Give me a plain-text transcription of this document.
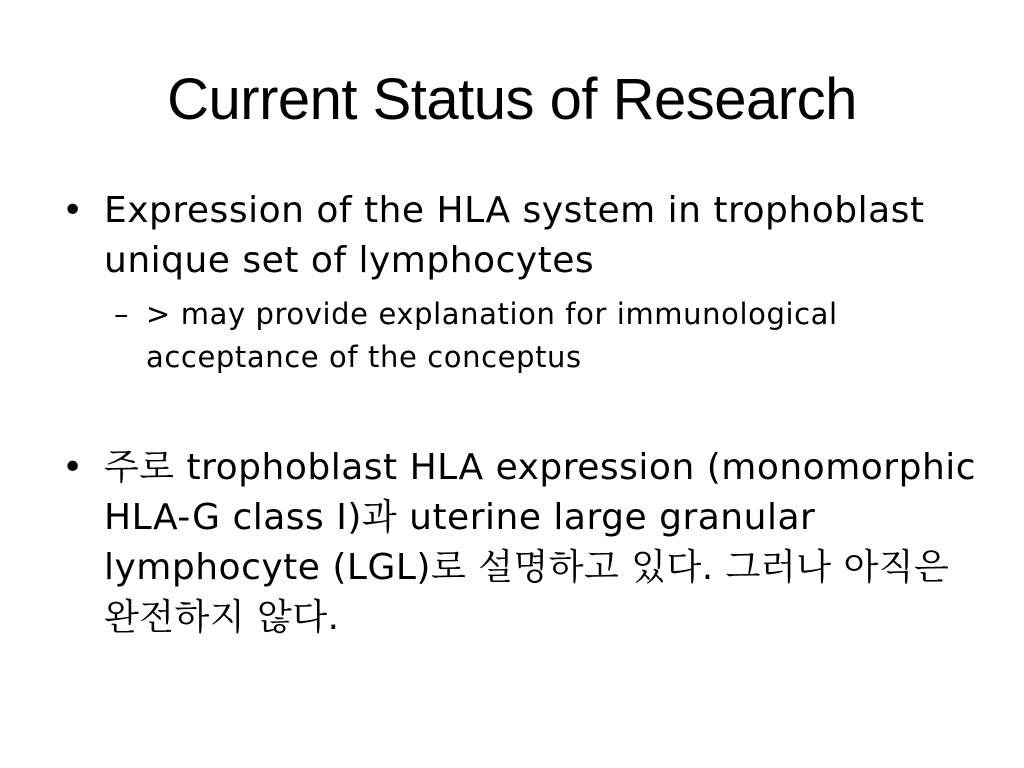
Current Status of Research
• Expression of the HLA system in trophoblast unique set of lymphocytes
– > may provide explanation for immunological acceptance of the conceptus
• 주로 trophoblast HLA expression (monomorphic HLA-G class I)과 uterine large granular lymphocyte (LGL)로 설명하고 있다. 그러나 아직은 완전하지 않다.
